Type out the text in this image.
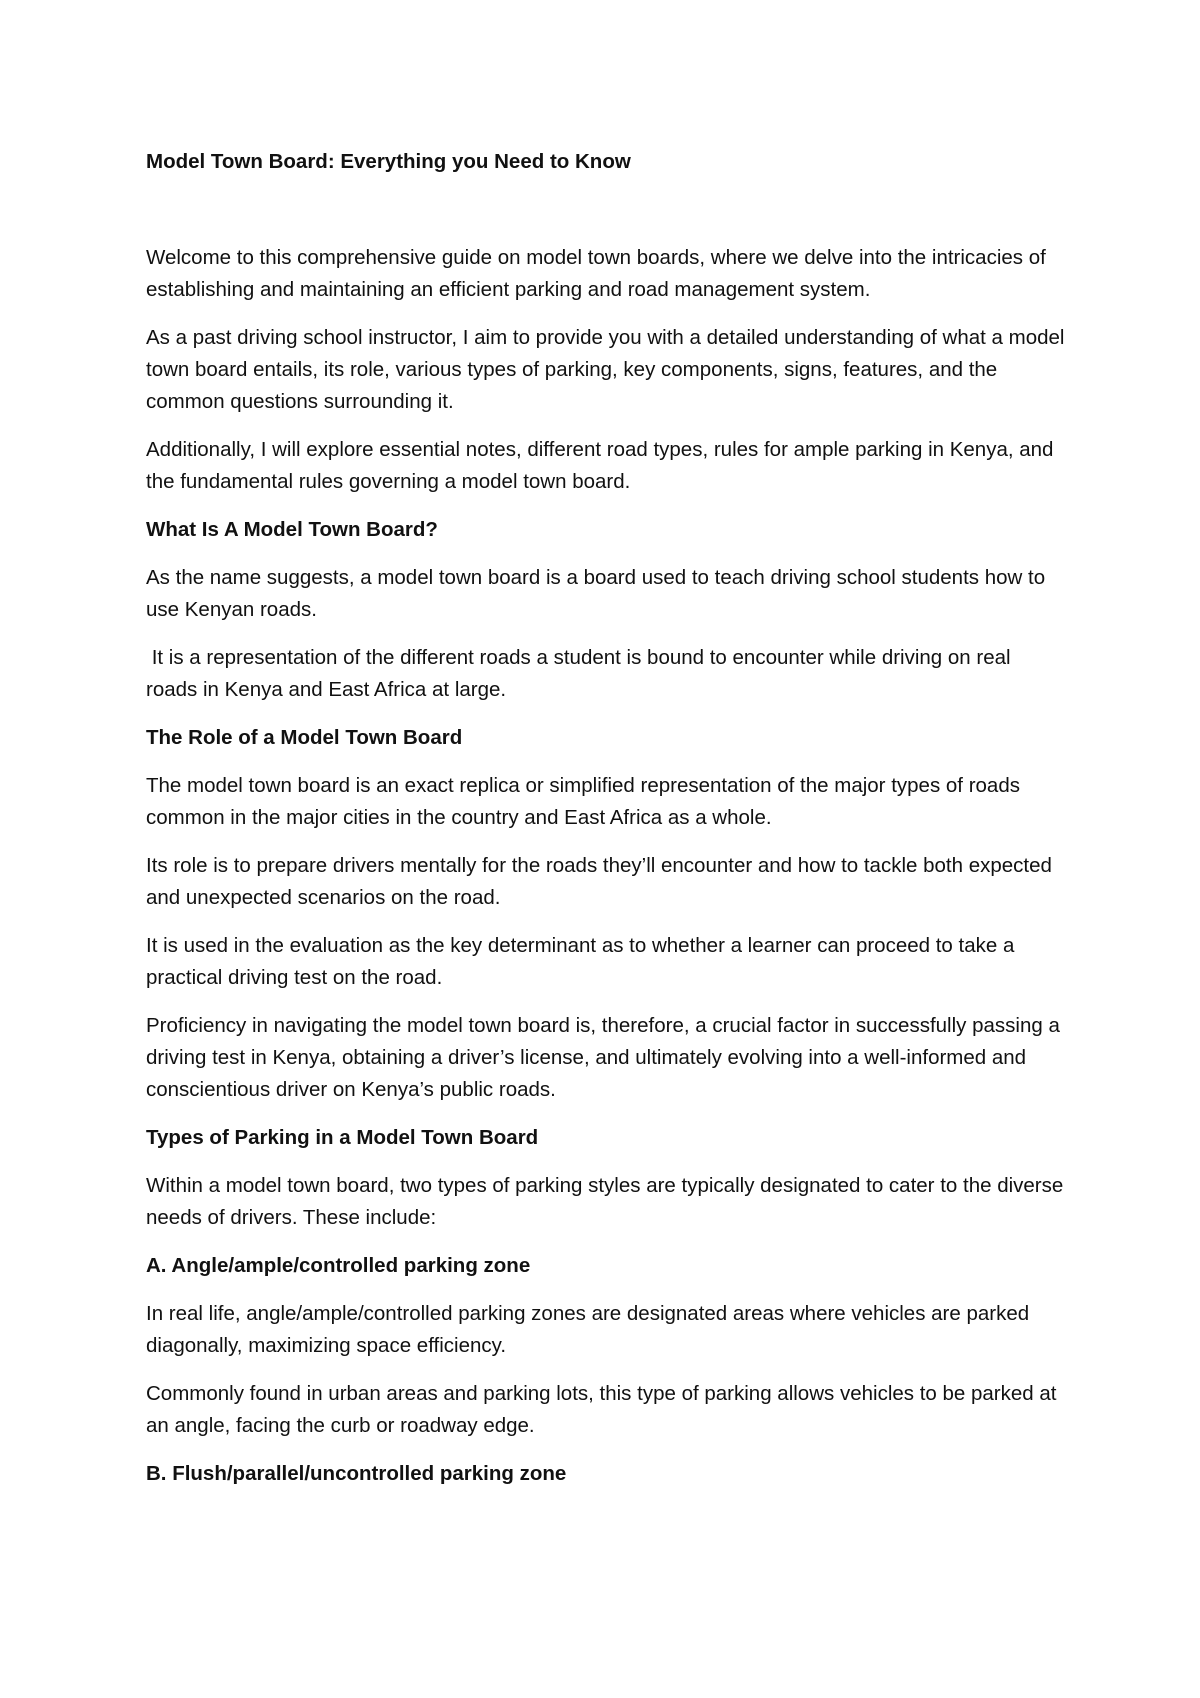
Model Town Board: Everything you Need to Know

Welcome to this comprehensive guide on model town boards, where we delve into the intricacies of establishing and maintaining an efficient parking and road management system.

As a past driving school instructor, I aim to provide you with a detailed understanding of what a model town board entails, its role, various types of parking, key components, signs, features, and the common questions surrounding it.

Additionally, I will explore essential notes, different road types, rules for ample parking in Kenya, and the fundamental rules governing a model town board.

What Is A Model Town Board?

As the name suggests, a model town board is a board used to teach driving school students how to use Kenyan roads.

It is a representation of the different roads a student is bound to encounter while driving on real roads in Kenya and East Africa at large.

The Role of a Model Town Board

The model town board is an exact replica or simplified representation of the major types of roads common in the major cities in the country and East Africa as a whole.

Its role is to prepare drivers mentally for the roads they’ll encounter and how to tackle both expected and unexpected scenarios on the road.

It is used in the evaluation as the key determinant as to whether a learner can proceed to take a practical driving test on the road.

Proficiency in navigating the model town board is, therefore, a crucial factor in successfully passing a driving test in Kenya, obtaining a driver’s license, and ultimately evolving into a well-informed and conscientious driver on Kenya’s public roads.

Types of Parking in a Model Town Board

Within a model town board, two types of parking styles are typically designated to cater to the diverse needs of drivers. These include:

A. Angle/ample/controlled parking zone

In real life, angle/ample/controlled parking zones are designated areas where vehicles are parked diagonally, maximizing space efficiency.

Commonly found in urban areas and parking lots, this type of parking allows vehicles to be parked at an angle, facing the curb or roadway edge.

B. Flush/parallel/uncontrolled parking zone
